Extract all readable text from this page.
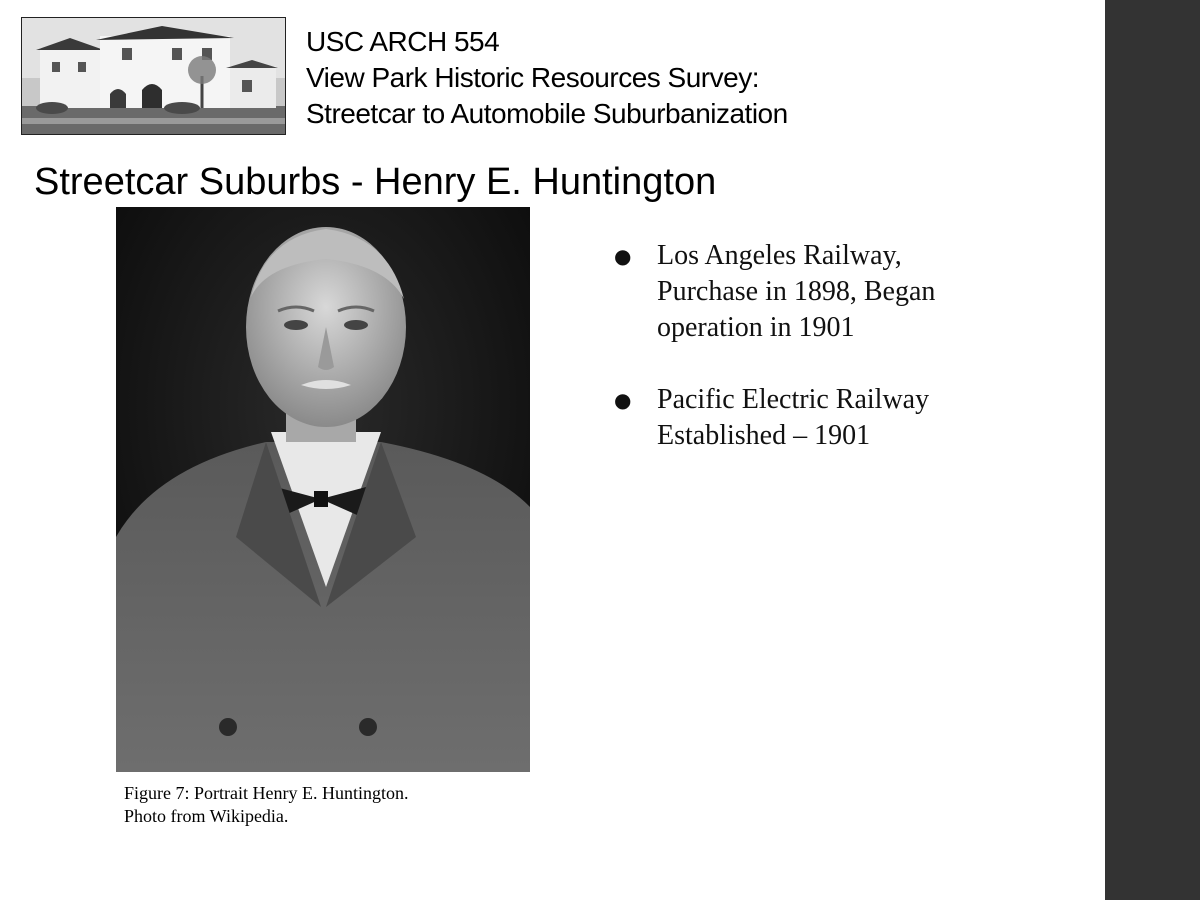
USC ARCH 554
View Park Historic Resources Survey:
Streetcar to Automobile Suburbanization
Streetcar Suburbs - Henry E. Huntington
Figure 7: Portrait Henry E. Huntington.
Photo from Wikipedia.
● Los Angeles Railway,
Purchase in 1898, Began
operation in 1901
● Pacific Electric Railway
Established – 1901
